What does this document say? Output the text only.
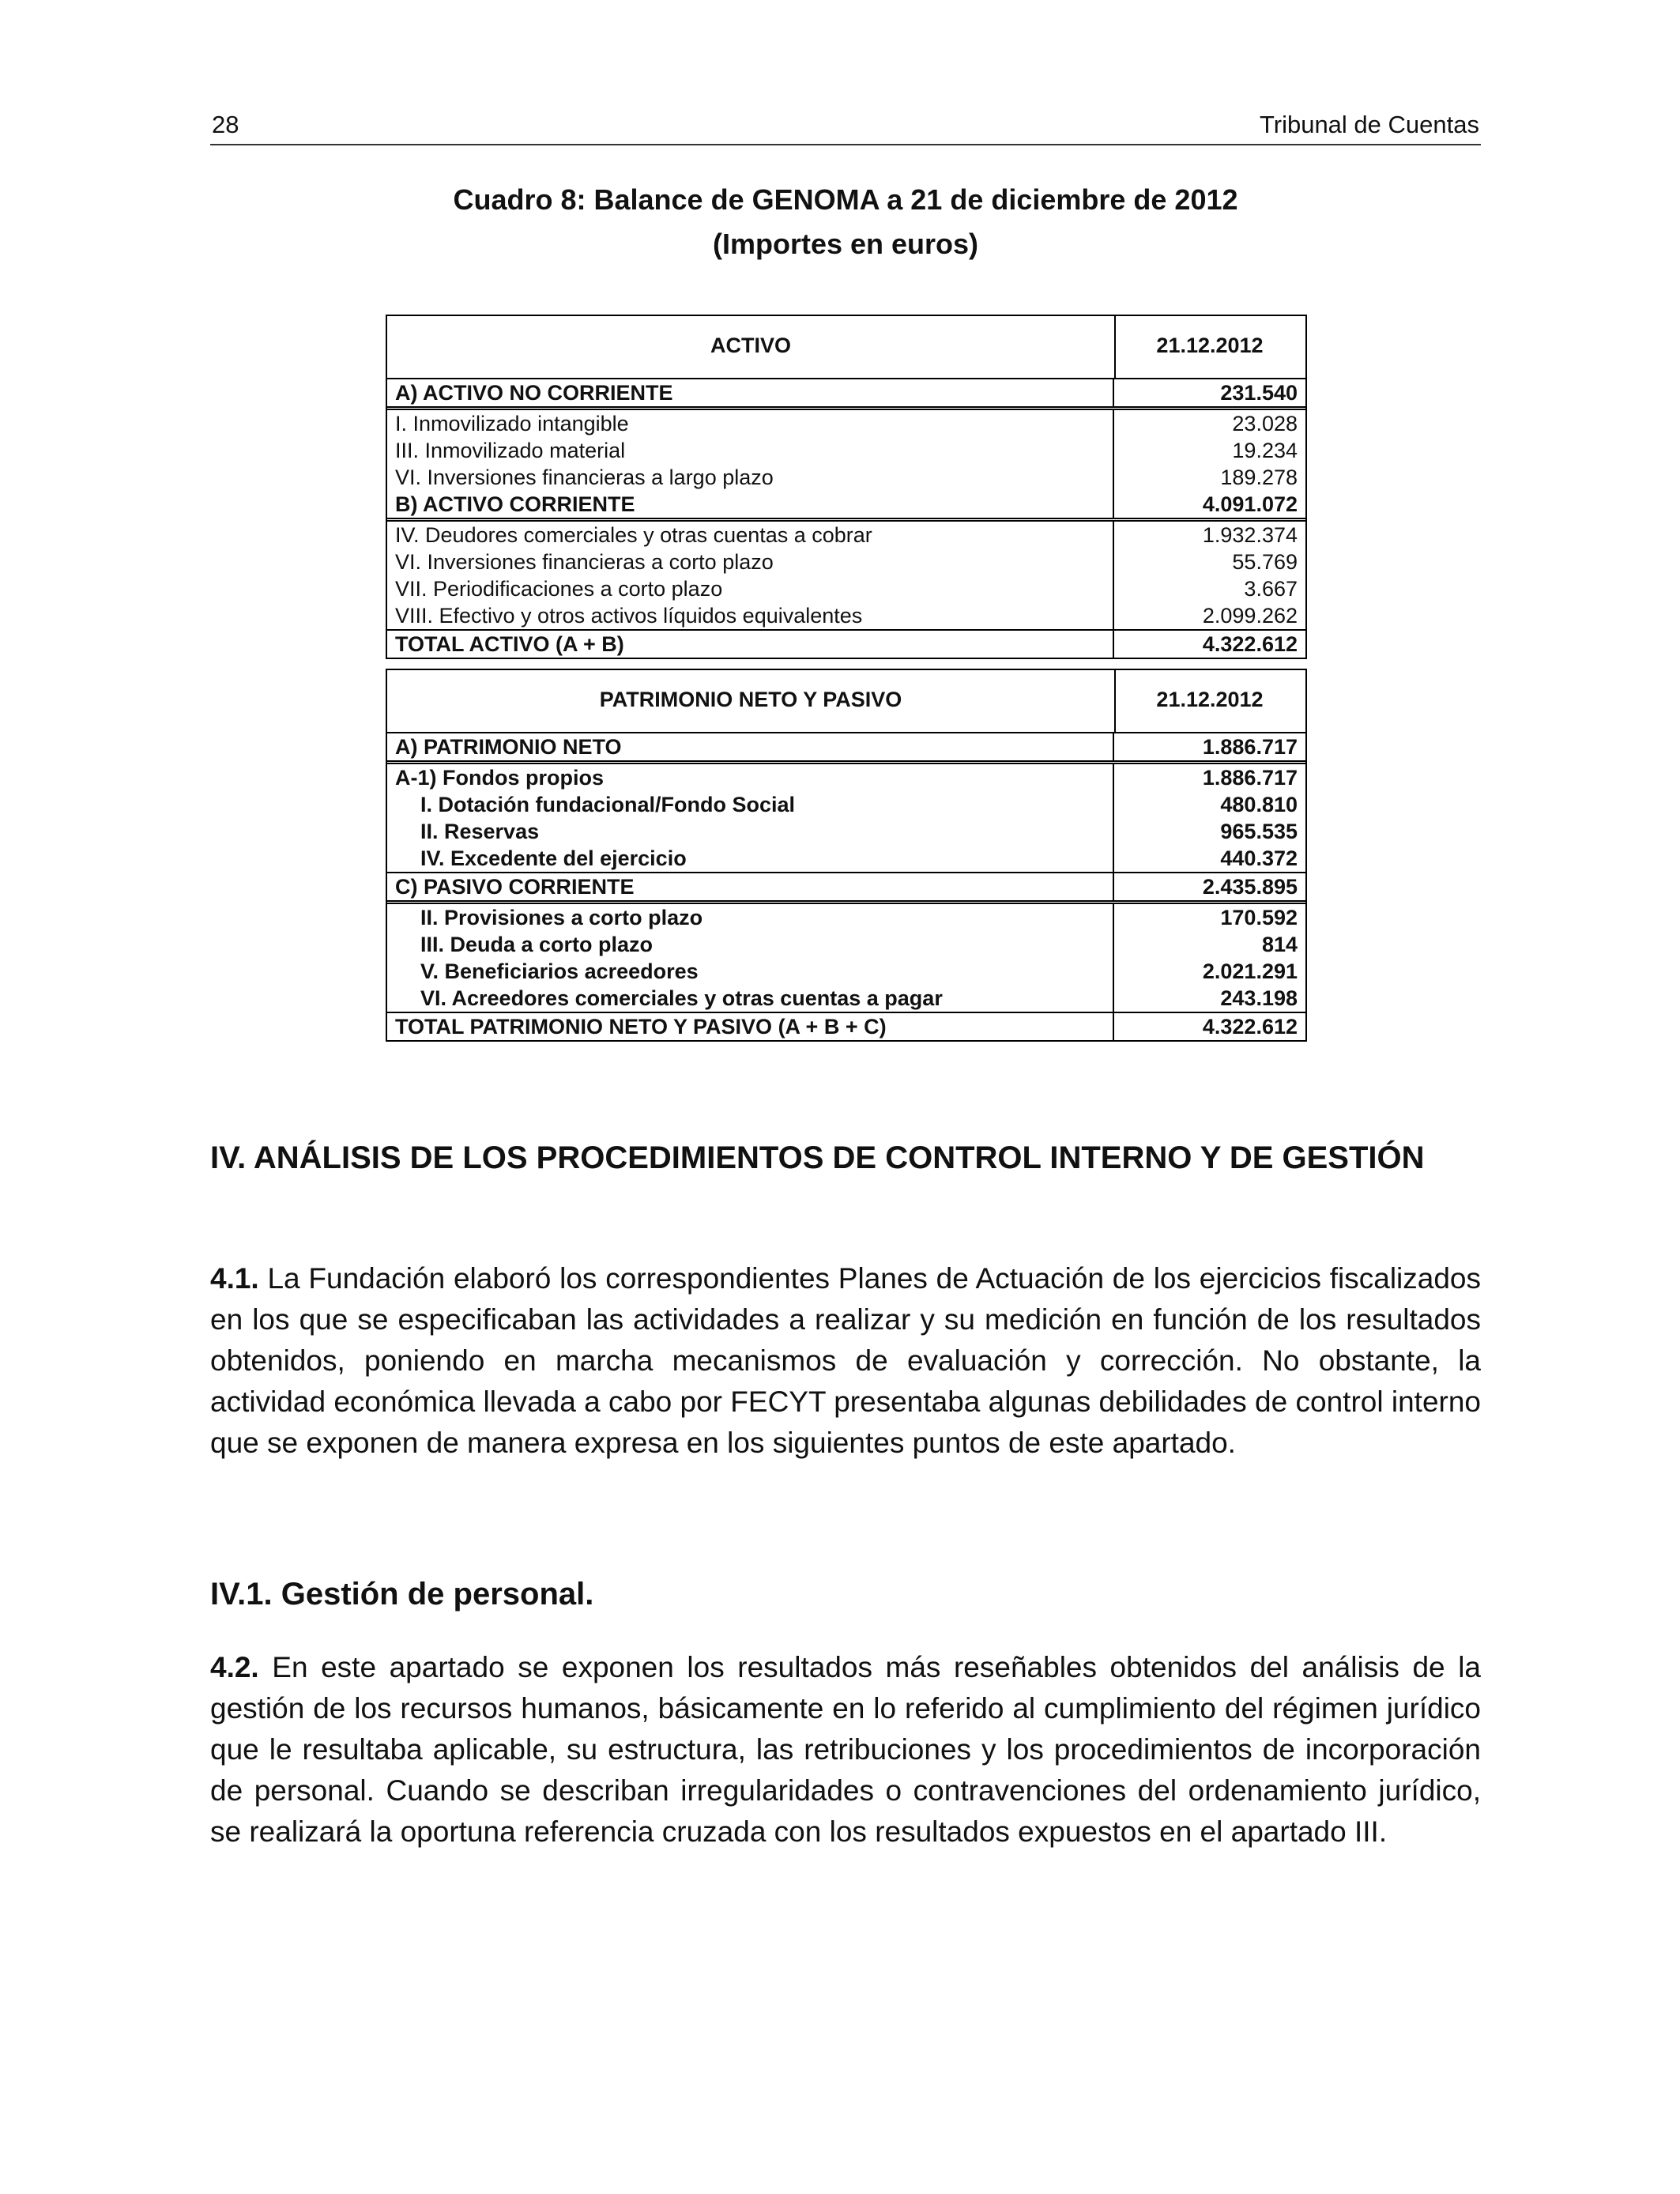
28	Tribunal de Cuentas
Cuadro 8: Balance de GENOMA a 21 de diciembre de 2012
(Importes en euros)
ACTIVO	21.12.2012
A) ACTIVO NO CORRIENTE	231.540
I. Inmovilizado intangible	23.028
III. Inmovilizado material	19.234
VI. Inversiones financieras a largo plazo	189.278
B) ACTIVO CORRIENTE	4.091.072
IV. Deudores comerciales y otras cuentas a cobrar	1.932.374
VI. Inversiones financieras a corto plazo	55.769
VII. Periodificaciones a corto plazo	3.667
VIII. Efectivo y otros activos líquidos equivalentes	2.099.262
TOTAL ACTIVO (A + B)	4.322.612
PATRIMONIO NETO Y PASIVO	21.12.2012
A) PATRIMONIO NETO	1.886.717
A-1) Fondos propios	1.886.717
I. Dotación fundacional/Fondo Social	480.810
II. Reservas	965.535
IV. Excedente del ejercicio	440.372
C) PASIVO CORRIENTE	2.435.895
II. Provisiones a corto plazo	170.592
III. Deuda a corto plazo	814
V. Beneficiarios acreedores	2.021.291
VI. Acreedores comerciales y otras cuentas a pagar	243.198
TOTAL PATRIMONIO NETO Y PASIVO (A + B + C)	4.322.612
IV. ANÁLISIS DE LOS PROCEDIMIENTOS DE CONTROL INTERNO Y DE GESTIÓN
4.1. La Fundación elaboró los correspondientes Planes de Actuación de los ejercicios fiscalizados en los que se especificaban las actividades a realizar y su medición en función de los resultados obtenidos, poniendo en marcha mecanismos de evaluación y corrección. No obstante, la actividad económica llevada a cabo por FECYT presentaba algunas debilidades de control interno que se exponen de manera expresa en los siguientes puntos de este apartado.
IV.1. Gestión de personal.
4.2. En este apartado se exponen los resultados más reseñables obtenidos del análisis de la gestión de los recursos humanos, básicamente en lo referido al cumplimiento del régimen jurídico que le resultaba aplicable, su estructura, las retribuciones y los procedimientos de incorporación de personal. Cuando se describan irregularidades o contravenciones del ordenamiento jurídico, se realizará la oportuna referencia cruzada con los resultados expuestos en el apartado III.
